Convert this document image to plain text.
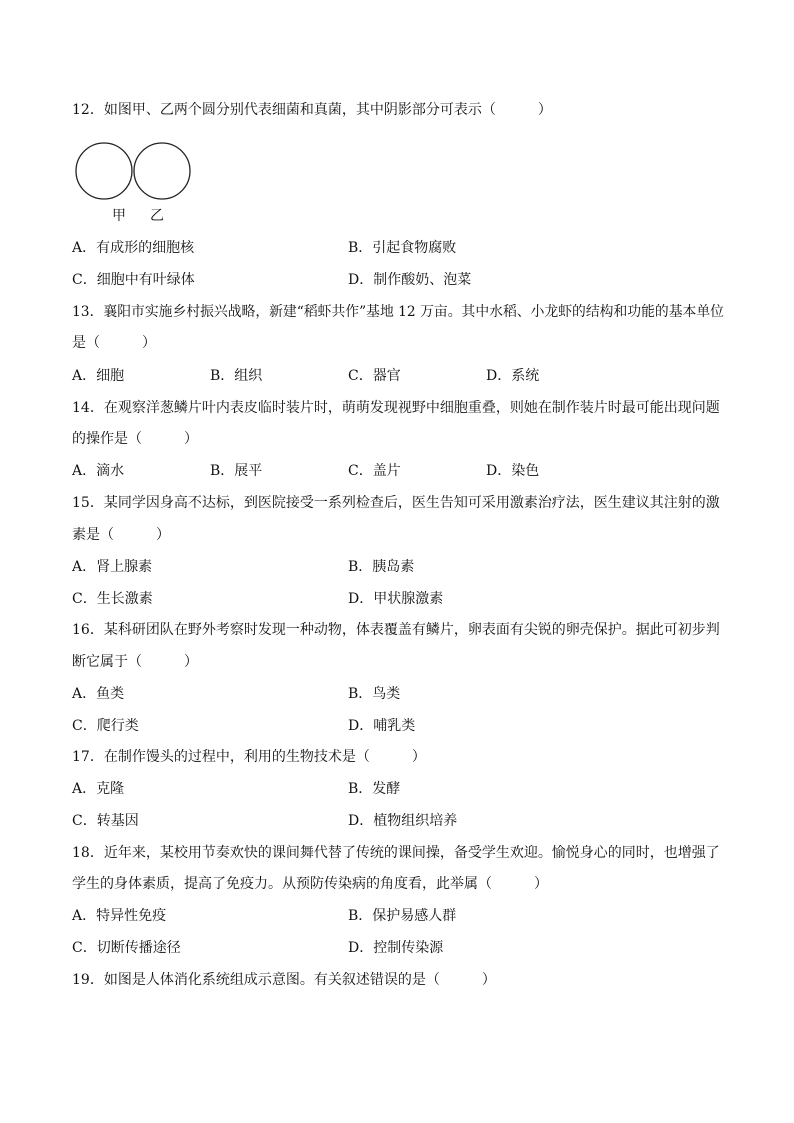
12．如图甲、乙两个圆分别代表细菌和真菌，其中阴影部分可表示（　　　）
甲 乙
A．有成形的细胞核	B．引起食物腐败
C．细胞中有叶绿体	D．制作酸奶、泡菜
13．襄阳市实施乡村振兴战略，新建“稻虾共作”基地 12 万亩。其中水稻、小龙虾的结构和功能的基本单位
是（　　　）
A．细胞	B．组织	C．器官	D．系统
14．在观察洋葱鳞片叶内表皮临时装片时，萌萌发现视野中细胞重叠，则她在制作装片时最可能出现问题
的操作是（　　　）
A．滴水	B．展平	C．盖片	D．染色
15．某同学因身高不达标，到医院接受一系列检查后，医生告知可采用激素治疗法，医生建议其注射的激
素是（　　　）
A．肾上腺素	B．胰岛素
C．生长激素	D．甲状腺激素
16．某科研团队在野外考察时发现一种动物，体表覆盖有鳞片，卵表面有尖锐的卵壳保护。据此可初步判
断它属于（　　　）
A．鱼类	B．鸟类
C．爬行类	D．哺乳类
17．在制作馒头的过程中，利用的生物技术是（　　　）
A．克隆	B．发酵
C．转基因	D．植物组织培养
18．近年来，某校用节奏欢快的课间舞代替了传统的课间操，备受学生欢迎。愉悦身心的同时，也增强了
学生的身体素质，提高了免疫力。从预防传染病的角度看，此举属（　　　）
A．特异性免疫	B．保护易感人群
C．切断传播途径	D．控制传染源
19．如图是人体消化系统组成示意图。有关叙述错误的是（　　　）
